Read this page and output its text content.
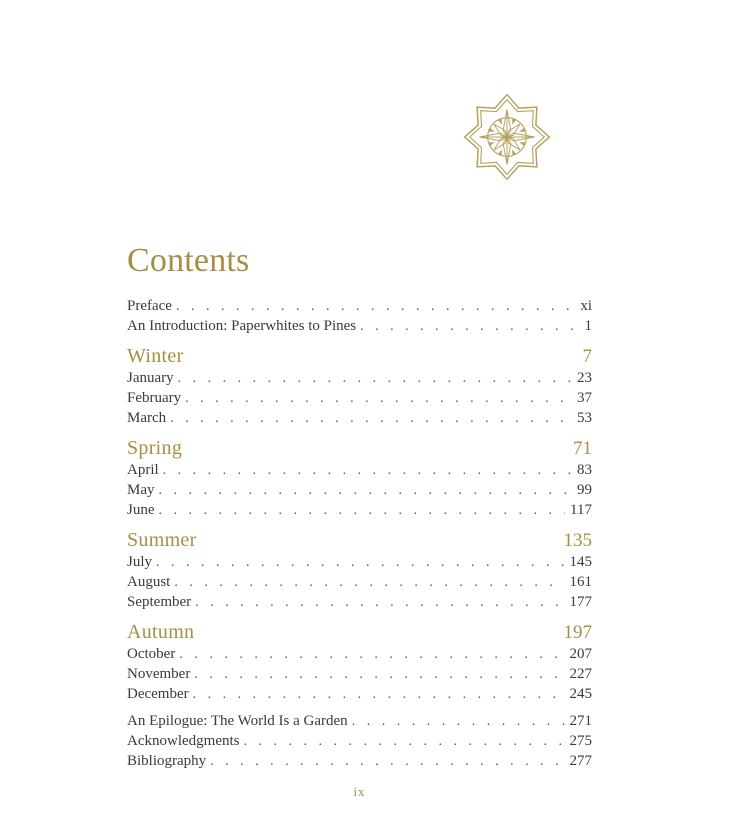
Contents
Preface . . .	xi
An Introduction: Paperwhites to Pines . . .	1
Winter	7
January . . .	23
February . . .	37
March . . .	53
Spring	71
April . . .	83
May . . .	99
June . . .	117
Summer	135
July . . .	145
August . . .	161
September . . .	177
Autumn	197
October . . .	207
November . . .	227
December . . .	245
An Epilogue: The World Is a Garden . . .	271
Acknowledgments . . .	275
Bibliography . . .	277
ix
